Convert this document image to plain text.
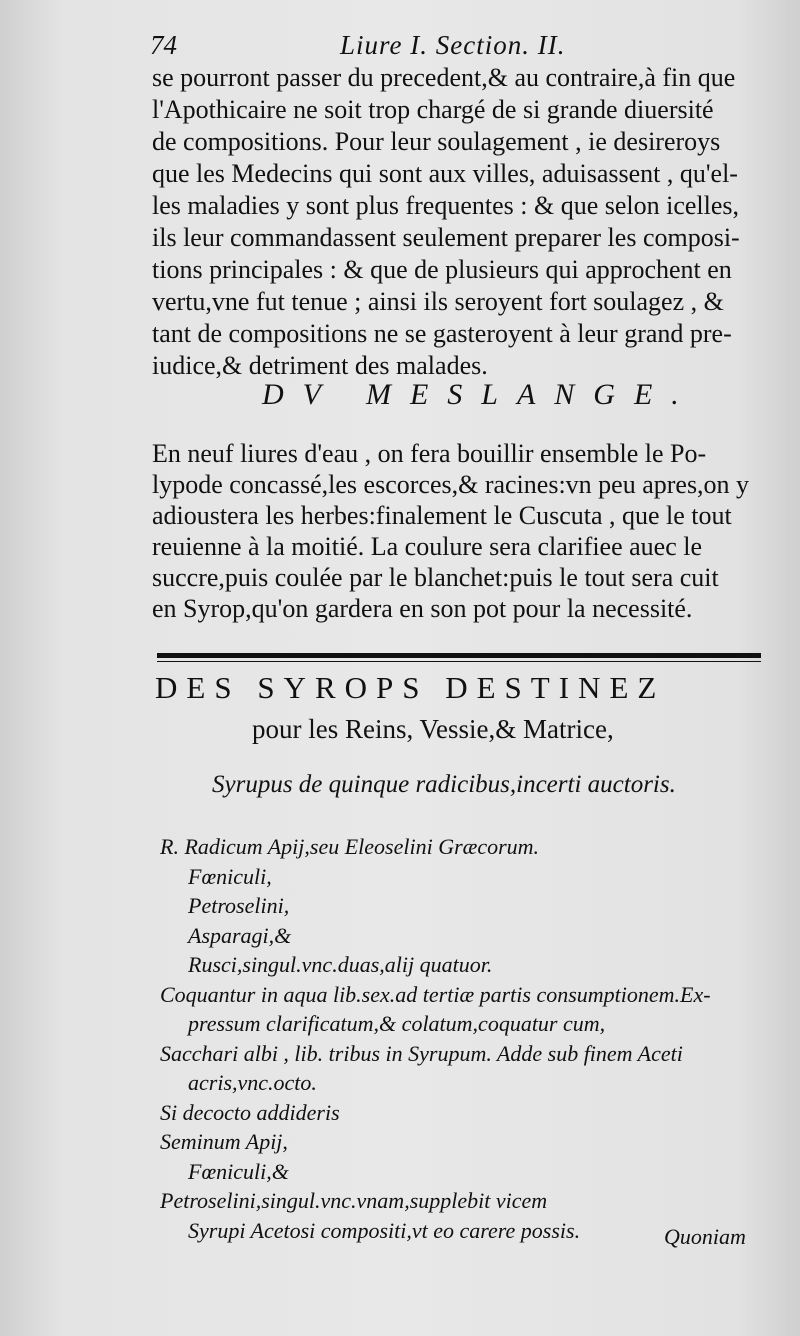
74	Liure I. Section. II.
se pourront passer du precedent,& au contraire,à fin que
l'Apothicaire ne soit trop chargé de si grande diuersité
de compositions. Pour leur soulagement , ie desireroys
que les Medecins qui sont aux villes, aduisassent , qu'el-
les maladies y sont plus frequentes : & que selon icelles,
ils leur commandassent seulement preparer les composi-
tions principales : & que de plusieurs qui approchent en
vertu,vne fut tenue ; ainsi ils seroyent fort soulagez , &
tant de compositions ne se gasteroyent à leur grand pre-
iudice,& detriment des malades.
DV MESLANGE.
En neuf liures d'eau , on fera bouillir ensemble le Po-
lypode concassé,les escorces,& racines:vn peu apres,on y
adioustera les herbes:finalement le Cuscuta , que le tout
reuienne à la moitié. La coulure sera clarifiee auec le
succre,puis coulée par le blanchet:puis le tout sera cuit
en Syrop,qu'on gardera en son pot pour la necessité.
DES SYROPS DESTINEZ
pour les Reins, Vessie,& Matrice,
Syrupus de quinque radicibus,incerti auctoris.
R. Radicum Apij,seu Eleoselini Græcorum.
Fœniculi,
Petroselini,
Asparagi,&
Rusci,singul.vnc.duas,alij quatuor.
Coquantur in aqua lib.sex.ad tertiæ partis consumptionem.Ex-
pressum clarificatum,& colatum,coquatur cum,
Sacchari albi , lib. tribus in Syrupum. Adde sub finem Aceti
acris,vnc.octo.
Si decocto addideris
Seminum Apij,
Fœniculi,&
Petroselini,singul.vnc.vnam,supplebit vicem
Syrupi Acetosi compositi,vt eo carere possis.	Quoniam
